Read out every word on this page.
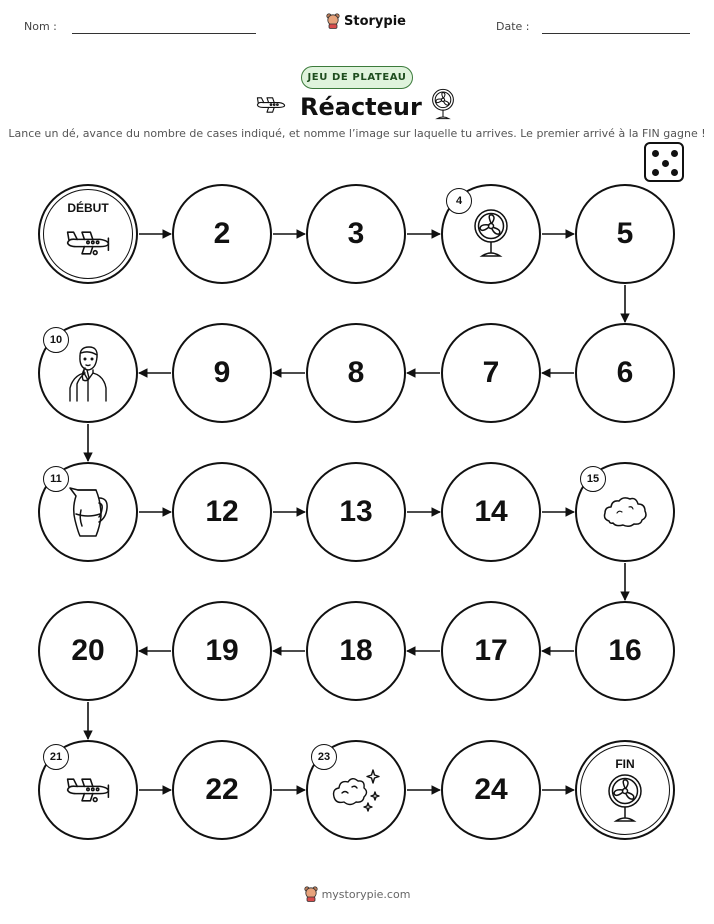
Nom :	Storypie	Date :
JEU DE PLATEAU
Réacteur
Lance un dé, avance du nombre de cases indiqué, et nomme l’image sur laquelle tu arrives. Le premier arrivé à la FIN gagne !
DÉBUT
2	3
4
5
6
7
8
9
10
11
12	13	14
15
16
17
18
19
20
21
22
23
24
FIN
mystorypie.com
